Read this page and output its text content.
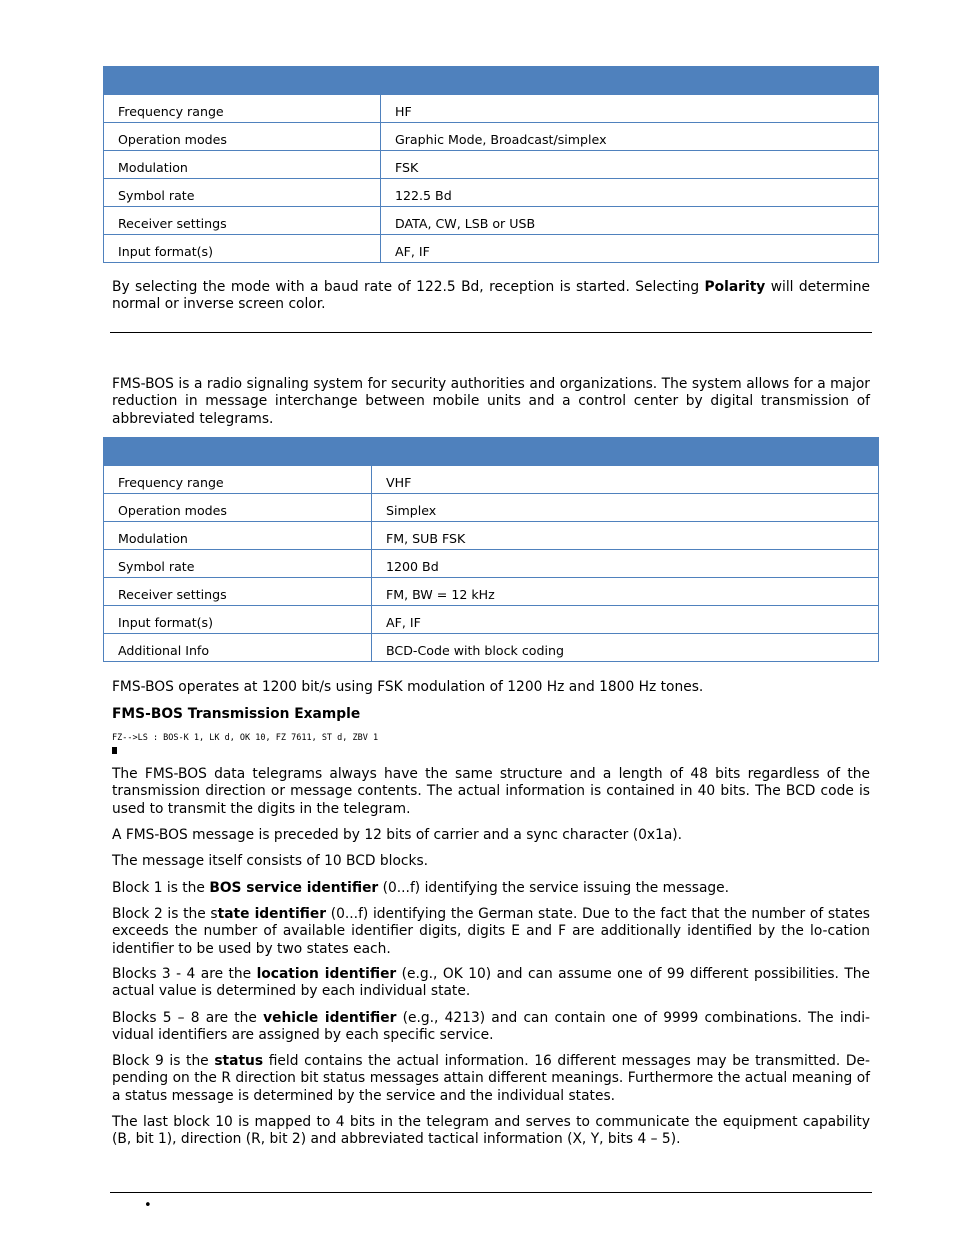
Frequency range	HF
Operation modes	Graphic Mode, Broadcast/simplex
Modulation	FSK
Symbol rate	122.5 Bd
Receiver settings	DATA, CW, LSB or USB
Input format(s)	AF, IF

By selecting the mode with a baud rate of 122.5 Bd, reception is started. Selecting Polarity will determine normal or inverse screen color.

FMS-BOS is a radio signaling system for security authorities and organizations. The system allows for a major reduction in message interchange between mobile units and a control center by digital transmission of abbreviated telegrams.

Frequency range	VHF
Operation modes	Simplex
Modulation	FM, SUB FSK
Symbol rate	1200 Bd
Receiver settings	FM, BW = 12 kHz
Input format(s)	AF, IF
Additional Info	BCD-Code with block coding

FMS-BOS operates at 1200 bit/s using FSK modulation of 1200 Hz and 1800 Hz tones.

FMS-BOS Transmission Example

FZ-->LS : BOS-K 1, LK d, OK 10, FZ 7611, ST d, ZBV 1

The FMS-BOS data telegrams always have the same structure and a length of 48 bits regardless of the transmission direction or message contents. The actual information is contained in 40 bits. The BCD code is used to transmit the digits in the telegram.

A FMS-BOS message is preceded by 12 bits of carrier and a sync character (0x1a).

The message itself consists of 10 BCD blocks.

Block 1 is the BOS service identifier (0...f) identifying the service issuing the message.

Block 2 is the state identifier (0...f) identifying the German state. Due to the fact that the number of states exceeds the number of available identifier digits, digits E and F are additionally identified by the lo-cation identifier to be used by two states each.

Blocks 3 - 4 are the location identifier (e.g., OK 10) and can assume one of 99 different possibilities. The actual value is determined by each individual state.

Blocks 5 – 8 are the vehicle identifier (e.g., 4213) and can contain one of 9999 combinations. The indi-vidual identifiers are assigned by each specific service.

Block 9 is the status field contains the actual information. 16 different messages may be transmitted. De-pending on the R direction bit status messages attain different meanings. Furthermore the actual meaning of a status message is determined by the service and the individual states.

The last block 10 is mapped to 4 bits in the telegram and serves to communicate the equipment capability (B, bit 1), direction (R, bit 2) and abbreviated tactical information (X, Y, bits 4 – 5).

•
